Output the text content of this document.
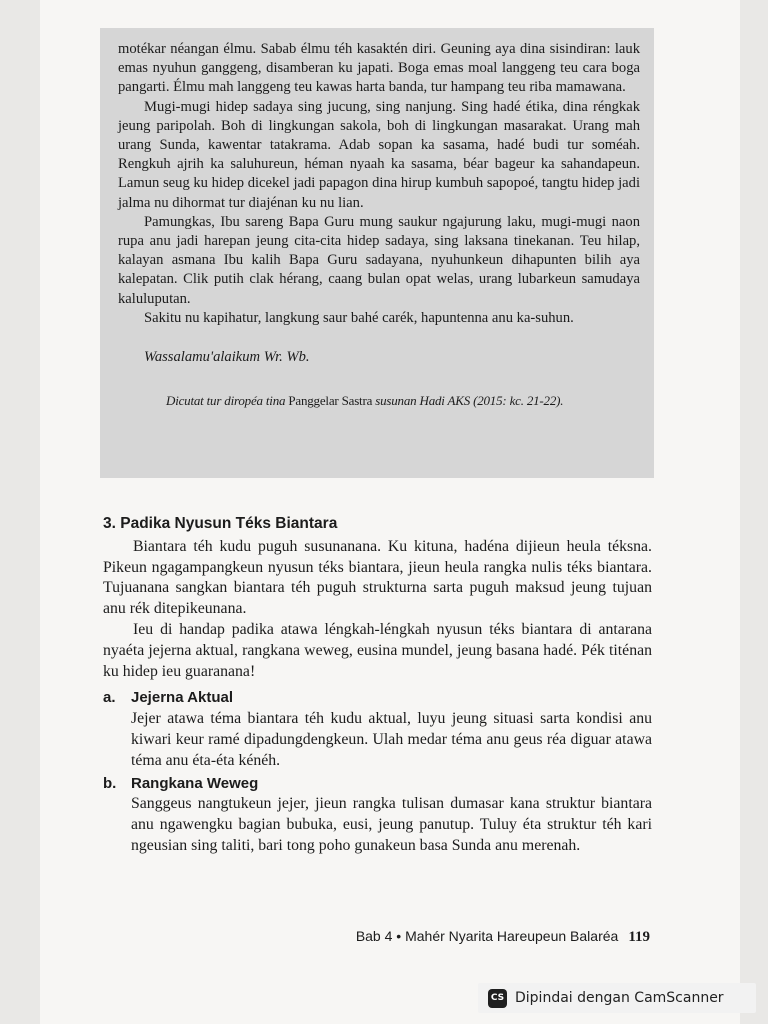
motékar néangan élmu. Sabab élmu téh kasaktén diri. Geuning aya dina sisindiran: lauk emas nyuhun ganggeng, disamberan ku japati. Boga emas moal langgeng teu cara boga pangarti. Élmu mah langgeng teu kawas harta banda, tur hampang teu riba mamawana.

Mugi-mugi hidep sadaya sing jucung, sing nanjung. Sing hadé étika, dina réngkak jeung paripolah. Boh di lingkungan sakola, boh di lingkungan masarakat. Urang mah urang Sunda, kawentar tatakrama. Adab sopan ka sasama, hadé budi tur soméah. Rengkuh ajrih ka saluhureun, héman nyaah ka sasama, béar bageur ka sahandapeun. Lamun seug ku hidep dicekel jadi papagon dina hirup kumbuh sapopoé, tangtu hidep jadi jalma nu dihormat tur diajénan ku nu lian.

Pamungkas, Ibu sareng Bapa Guru mung saukur ngajurung laku, mugi-mugi naon rupa anu jadi harepan jeung cita-cita hidep sadaya, sing laksana tinekanan. Teu hilap, kalayan asmana Ibu kalih Bapa Guru sadayana, nyuhunkeun dihapunten bilih aya kalepatan. Clik putih clak hérang, caang bulan opat welas, urang lubarkeun samudaya kaluluputan.

Sakitu nu kapihatur, langkung saur bahé carék, hapuntenna anu ka-suhun.

Wassalamu'alaikum Wr. Wb.

Dicutat tur diropéa tina Panggelar Sastra susunan Hadi AKS (2015: kc. 21-22).

3. Padika Nyusun Téks Biantara

Biantara téh kudu puguh susunanana. Ku kituna, hadéna dijieun heula téksna. Pikeun ngagampangkeun nyusun téks biantara, jieun heula rangka nulis téks biantara. Tujuanana sangkan biantara téh puguh strukturna sarta puguh maksud jeung tujuan anu rék ditepikeunana.

Ieu di handap padika atawa léngkah-léngkah nyusun téks biantara di antarana nyaéta jejerna aktual, rangkana weweg, eusina mundel, jeung basana hadé. Pék titénan ku hidep ieu guaranana!

a.	Jejerna Aktual

Jejer atawa téma biantara téh kudu aktual, luyu jeung situasi sarta kondisi anu kiwari keur ramé dipadungdengkeun. Ulah medar téma anu geus réa diguar atawa téma anu éta-éta kénéh.

b. Rangkana Weweg

Sanggeus nangtukeun jejer, jieun rangka tulisan dumasar kana struktur biantara anu ngawengku bagian bubuka, eusi, jeung panutup. Tuluy éta struktur téh kari ngeusian sing taliti, bari tong poho gunakeun basa Sunda anu merenah.

Bab 4 • Mahér Nyarita Hareupeun Balaréa 119
CS Dipindai dengan CamScanner
